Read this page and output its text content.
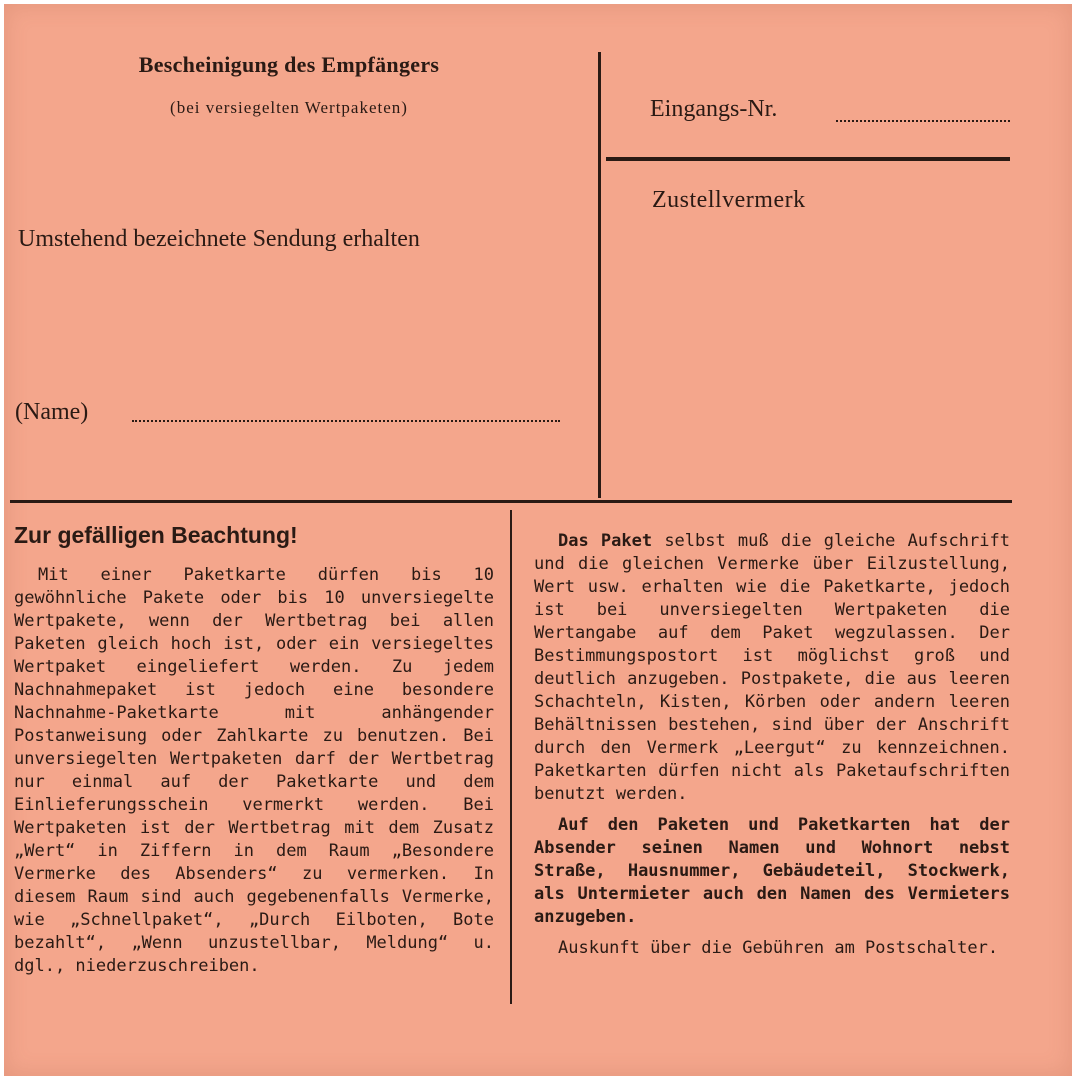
Bescheinigung des Empfängers
(bei versiegelten Wertpaketen)
Umstehend bezeichnete Sendung erhalten
(Name)
Eingangs-Nr.
Zustellvermerk
Zur gefälligen Beachtung!

Mit einer Paketkarte dürfen bis 10 gewöhnliche Pakete oder bis 10 unversiegelte Wertpakete, wenn der Wertbetrag bei allen Paketen gleich hoch ist, oder ein versiegeltes Wertpaket eingeliefert werden. Zu jedem Nachnahmepaket ist jedoch eine besondere Nachnahme-Paketkarte mit anhängender Postanweisung oder Zahlkarte zu benutzen. Bei unversiegelten Wertpaketen darf der Wertbetrag nur einmal auf der Paketkarte und dem Einlieferungsschein vermerkt werden. Bei Wertpaketen ist der Wertbetrag mit dem Zusatz „Wert“ in Ziffern in dem Raum „Besondere Vermerke des Absenders“ zu vermerken. In diesem Raum sind auch gegebenenfalls Vermerke, wie „Schnellpaket“, „Durch Eilboten, Bote bezahlt“, „Wenn unzustellbar, Meldung“ u. dgl., niederzuschreiben.

Das Paket selbst muß die gleiche Aufschrift und die gleichen Vermerke über Eilzustellung, Wert usw. erhalten wie die Paketkarte, jedoch ist bei unversiegelten Wertpaketen die Wertangabe auf dem Paket wegzulassen. Der Bestimmungspostort ist möglichst groß und deutlich anzugeben. Postpakete, die aus leeren Schachteln, Kisten, Körben oder andern leeren Behältnissen bestehen, sind über der Anschrift durch den Vermerk „Leergut“ zu kennzeichnen. Paketkarten dürfen nicht als Paketaufschriften benutzt werden.

Auf den Paketen und Paketkarten hat der Absender seinen Namen und Wohnort nebst Straße, Hausnummer, Gebäudeteil, Stockwerk, als Untermieter auch den Namen des Vermieters anzugeben.

Auskunft über die Gebühren am Postschalter.
